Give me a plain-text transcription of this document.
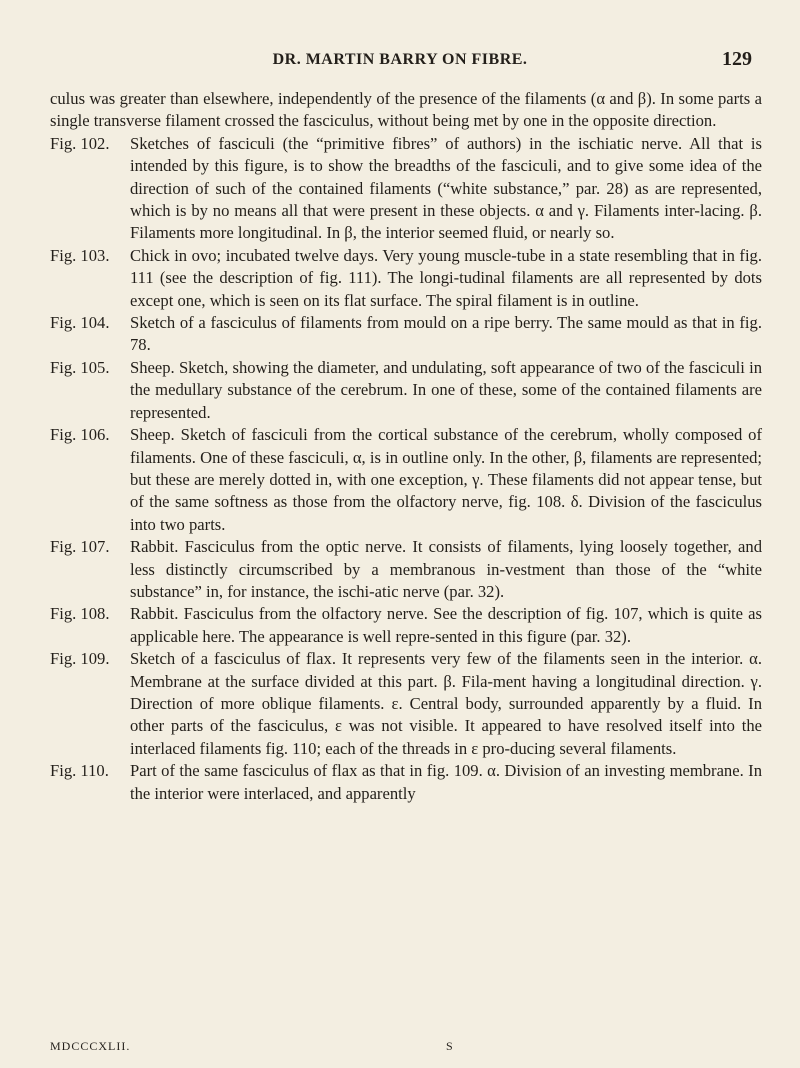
DR. MARTIN BARRY ON FIBRE.	129

culus was greater than elsewhere, independently of the presence of the filaments (α and β). In some parts a single transverse filament crossed the fasciculus, without being met by one in the opposite direction.

Fig. 102.	Sketches of fasciculi (the “primitive fibres” of authors) in the ischiatic nerve. All that is intended by this figure, is to show the breadths of the fasciculi, and to give some idea of the direction of such of the contained filaments (“white substance,” par. 28) as are represented, which is by no means all that were present in these objects. α and γ. Filaments inter-lacing. β. Filaments more longitudinal. In β, the interior seemed fluid, or nearly so.
Fig. 103.	Chick in ovo; incubated twelve days. Very young muscle-tube in a state resembling that in fig. 111 (see the description of fig. 111). The longi-tudinal filaments are all represented by dots except one, which is seen on its flat surface. The spiral filament is in outline.
Fig. 104.	Sketch of a fasciculus of filaments from mould on a ripe berry. The same mould as that in fig. 78.
Fig. 105.	Sheep. Sketch, showing the diameter, and undulating, soft appearance of two of the fasciculi in the medullary substance of the cerebrum. In one of these, some of the contained filaments are represented.
Fig. 106.	Sheep. Sketch of fasciculi from the cortical substance of the cerebrum, wholly composed of filaments. One of these fasciculi, α, is in outline only. In the other, β, filaments are represented; but these are merely dotted in, with one exception, γ. These filaments did not appear tense, but of the same softness as those from the olfactory nerve, fig. 108. δ. Division of the fasciculus into two parts.
Fig. 107.	Rabbit. Fasciculus from the optic nerve. It consists of filaments, lying loosely together, and less distinctly circumscribed by a membranous in-vestment than those of the “white substance” in, for instance, the ischi-atic nerve (par. 32).
Fig. 108.	Rabbit. Fasciculus from the olfactory nerve. See the description of fig. 107, which is quite as applicable here. The appearance is well repre-sented in this figure (par. 32).
Fig. 109.	Sketch of a fasciculus of flax. It represents very few of the filaments seen in the interior. α. Membrane at the surface divided at this part. β. Fila-ment having a longitudinal direction. γ. Direction of more oblique filaments. ε. Central body, surrounded apparently by a fluid. In other parts of the fasciculus, ε was not visible. It appeared to have resolved itself into the interlaced filaments fig. 110; each of the threads in ε pro-ducing several filaments.
Fig. 110.	Part of the same fasciculus of flax as that in fig. 109. α. Division of an investing membrane. In the interior were interlaced, and apparently
MDCCCXLII.	S
